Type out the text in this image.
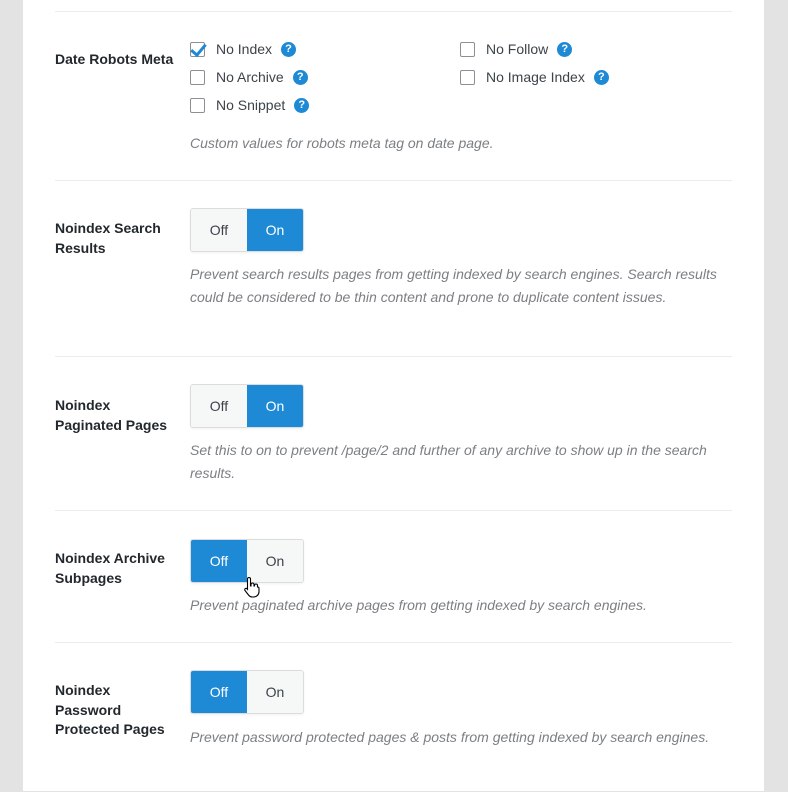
Date Robots Meta
No Index	?	No Follow	?
No Archive	?	No Image Index	?
No Snippet	?
Custom values for robots meta tag on date page.
Noindex Search Results
Off	On
Prevent search results pages from getting indexed by search engines. Search results could be considered to be thin content and prone to duplicate content issues.
Noindex Paginated Pages
Off	On
Set this to on to prevent /page/2 and further of any archive to show up in the search results.
Noindex Archive Subpages
Off	On
Prevent paginated archive pages from getting indexed by search engines.
Noindex Password Protected Pages
Off	On
Prevent password protected pages & posts from getting indexed by search engines.
